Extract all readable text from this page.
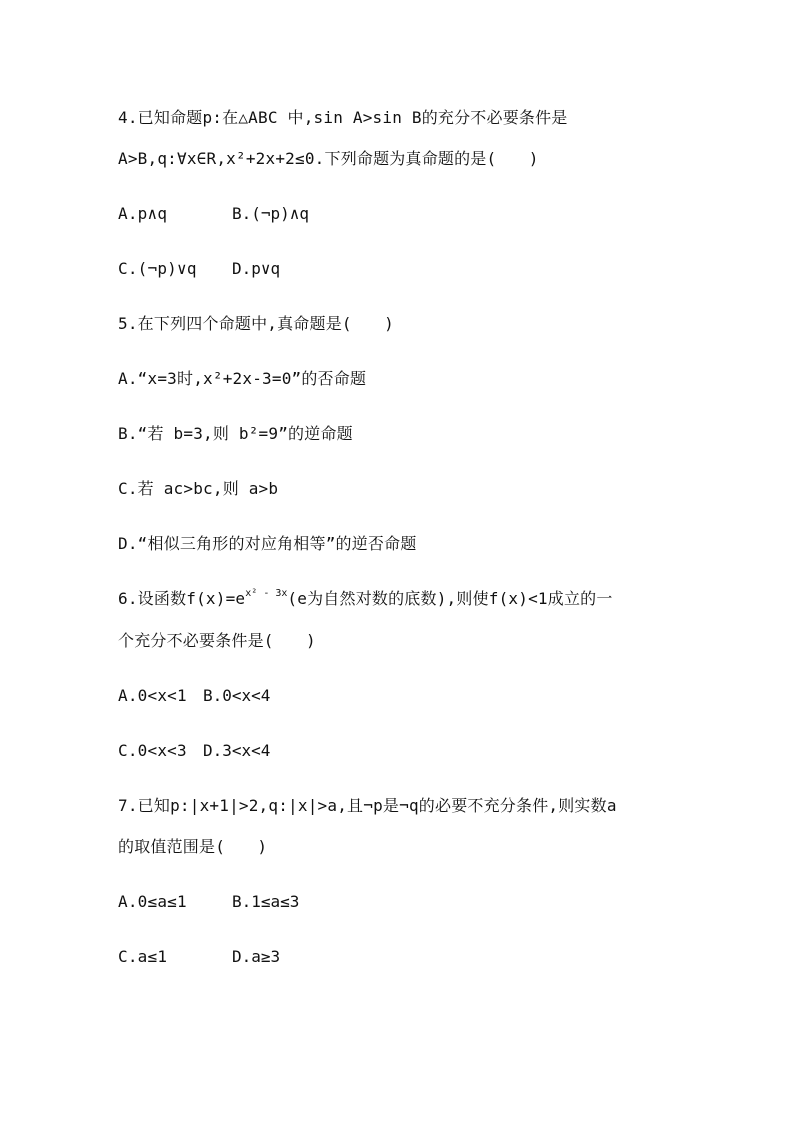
4.已知命题p:在△ABC 中,sin A>sin B的充分不必要条件是
A>B,q:∀x∈R,x²+2x+2≤0.下列命题为真命题的是(　　)
A.p∧q	B.(¬p)∧q
C.(¬p)∨q D.p∨q
5.在下列四个命题中,真命题是(　　)
A.“x=3时,x²+2x-3=0”的否命题
B.“若 b=3,则 b²=9”的逆命题
C.若 ac>bc,则 a>b
D.“相似三角形的对应角相等”的逆否命题
6.设函数$f(x)=e^{x^2 - 3x}(e$为自然对数的底数),则使f(x)<1成立的一
个充分不必要条件是(　　)
A.0<x<1 B.0<x<4
C.0<x<3 D.3<x<4
7.已知p:|x+1|>2,q:|x|>a,且¬p是¬q的必要不充分条件,则实数a
的取值范围是(　　)
A.0≤a≤1	B.1≤a≤3
C.a≤1	D.a≥3
